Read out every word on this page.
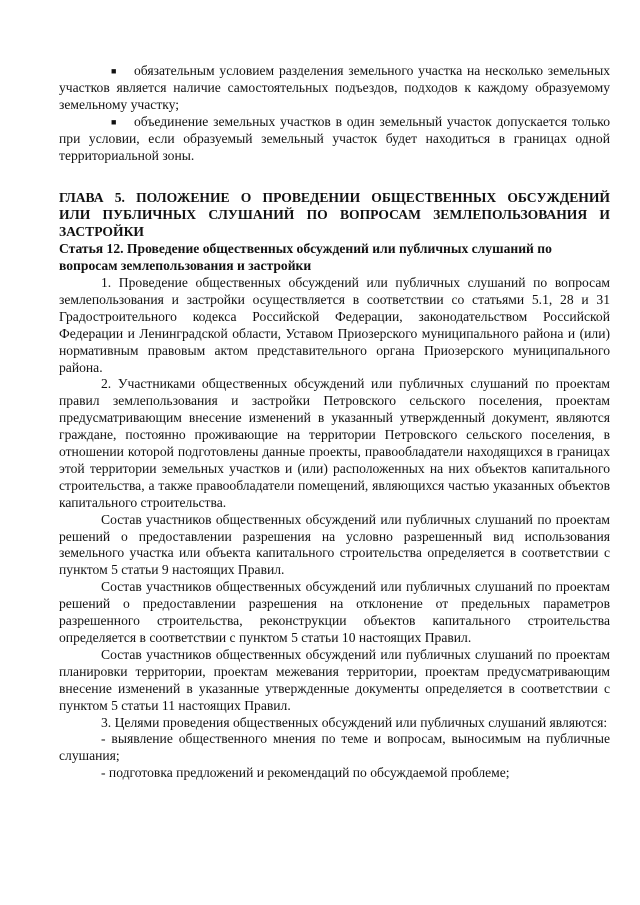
■ обязательным условием разделения земельного участка на несколько земельных участков является наличие самостоятельных подъездов, подходов к каждому образуемому земельному участку;

■ объединение земельных участков в один земельный участок допускается только при условии, если образуемый земельный участок будет находиться в границах одной территориальной зоны.

ГЛАВА 5. ПОЛОЖЕНИЕ О ПРОВЕДЕНИИ ОБЩЕСТВЕННЫХ ОБСУЖДЕНИЙ ИЛИ ПУБЛИЧНЫХ СЛУШАНИЙ ПО ВОПРОСАМ ЗЕМЛЕПОЛЬЗОВАНИЯ И ЗАСТРОЙКИ

Статья 12. Проведение общественных обсуждений или публичных слушаний по вопросам землепользования и застройки

1. Проведение общественных обсуждений или публичных слушаний по вопросам землепользования и застройки осуществляется в соответствии со статьями 5.1, 28 и 31 Градостроительного кодекса Российской Федерации, законодательством Российской Федерации и Ленинградской области, Уставом Приозерского муниципального района и (или) нормативным правовым актом представительного органа Приозерского муниципального района.

2. Участниками общественных обсуждений или публичных слушаний по проектам правил землепользования и застройки Петровского сельского поселения, проектам предусматривающим внесение изменений в указанный утвержденный документ, являются граждане, постоянно проживающие на территории Петровского сельского поселения, в отношении которой подготовлены данные проекты, правообладатели находящихся в границах этой территории земельных участков и (или) расположенных на них объектов капитального строительства, а также правообладатели помещений, являющихся частью указанных объектов капитального строительства.

Состав участников общественных обсуждений или публичных слушаний по проектам решений о предоставлении разрешения на условно разрешенный вид использования земельного участка или объекта капитального строительства определяется в соответствии с пунктом 5 статьи 9 настоящих Правил.

Состав участников общественных обсуждений или публичных слушаний по проектам решений о предоставлении разрешения на отклонение от предельных параметров разрешенного строительства, реконструкции объектов капитального строительства определяется в соответствии с пунктом 5 статьи 10 настоящих Правил.

Состав участников общественных обсуждений или публичных слушаний по проектам планировки территории, проектам межевания территории, проектам предусматривающим внесение изменений в указанные утвержденные документы определяется в соответствии с пунктом 5 статьи 11 настоящих Правил.

3. Целями проведения общественных обсуждений или публичных слушаний являются:

- выявление общественного мнения по теме и вопросам, выносимым на публичные слушания;

- подготовка предложений и рекомендаций по обсуждаемой проблеме;
